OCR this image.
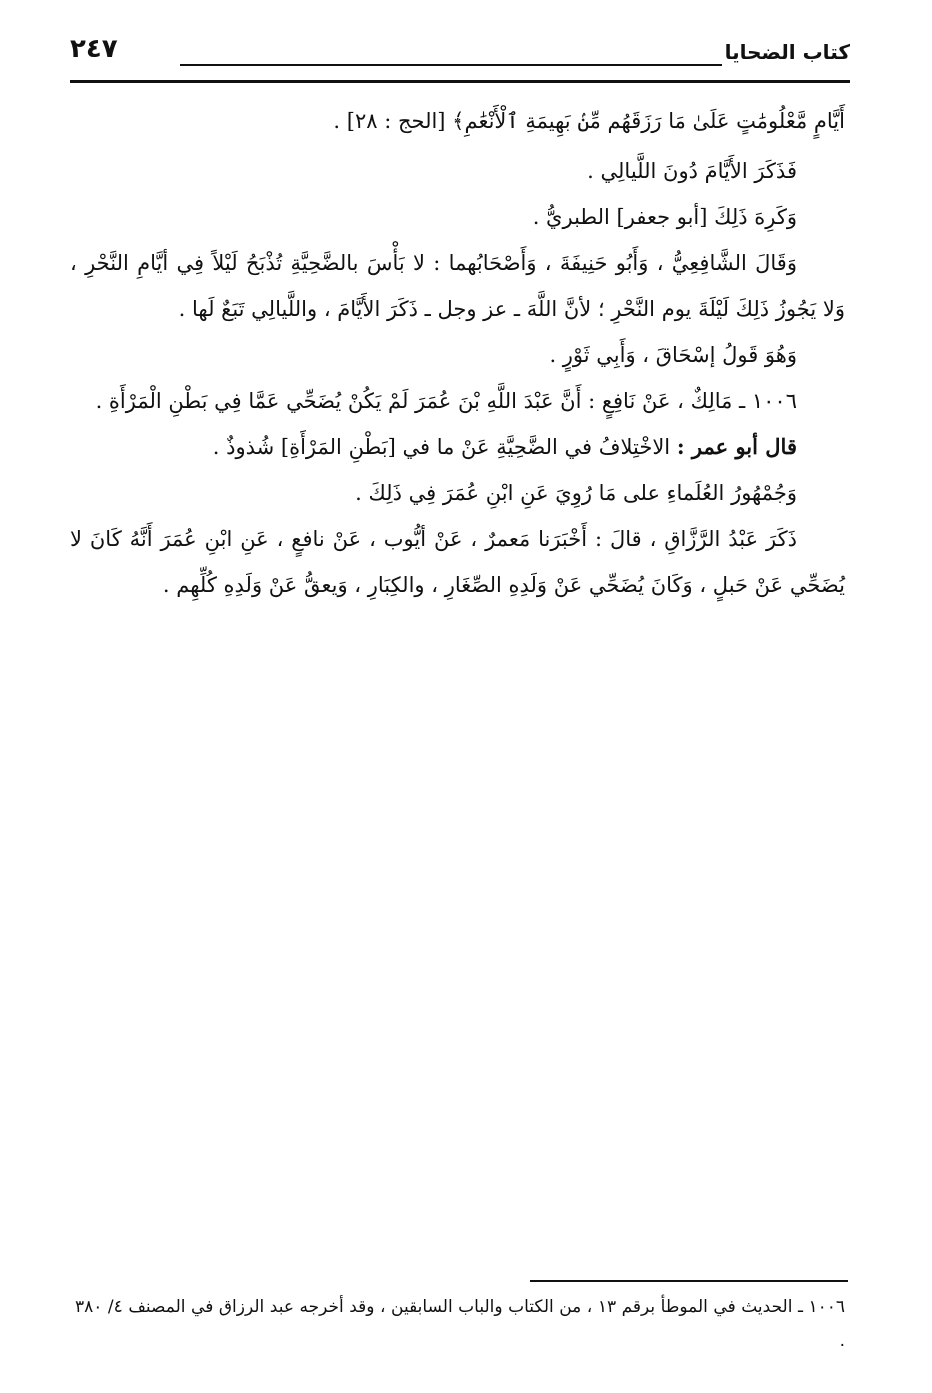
كتاب الضحايا
٢٤٧

أَيَّامٍ مَّعْلُومَٰتٍ عَلَىٰ مَا رَزَقَهُم مِّنۢ بَهِيمَةِ ٱلْأَنْعَٰمِ﴾ [الحج : ٢٨] .

فَذَكَرَ الأَيَّامَ دُونَ اللَّيالِي .

وَكَرِهَ ذَلِكَ [أبو جعفر] الطبريُّ .

وَقَالَ الشَّافِعِيُّ ، وَأَبُو حَنِيفَةَ ، وَأَصْحَابُهما : لا بَأْسَ بالضَّحِيَّةِ تُذْبَحُ لَيْلاً فِي أيَّامِ النَّحْرِ ، وَلا يَجُوزُ ذَلِكَ لَيْلَةَ يوم النَّحْرِ ؛ لأنَّ اللَّهَ ـ عز وجل ـ ذَكَرَ الأَيَّامَ ، واللَّيالِي تَبَعٌ لَها .

وَهُوَ قَولُ إسْحَاقَ ، وَأَبِي ثَوْرٍ .

١٠٠٦ ـ مَالِكٌ ، عَنْ نَافِعٍ : أَنَّ عَبْدَ اللَّهِ بْنَ عُمَرَ لَمْ يَكُنْ يُضَحِّي عَمَّا فِي بَطْنِ الْمَرْأَةِ .

قال أبو عمر : الاخْتِلافُ في الضَّحِيَّةِ عَنْ ما في [بَطْنِ المَرْأَةِ] شُذوذٌ .

وَجُمْهُورُ العُلَماءِ على مَا رُوِيَ عَنِ ابْنِ عُمَرَ فِي ذَلِكَ .

ذَكَرَ عَبْدُ الرَّزَّاقِ ، قالَ : أَخْبَرَنا مَعمرٌ ، عَنْ أيُّوب ، عَنْ نافعٍ ، عَنِ ابْنِ عُمَرَ أَنَّهُ كَانَ لا يُضَحِّي عَنْ حَبلٍ ، وَكَانَ يُضَحِّي عَنْ وَلَدِهِ الصِّغَارِ ، والكِبَارِ ، وَيعقُّ عَنْ وَلَدِهِ كُلِّهِم .

١٠٠٦ ـ الحديث في الموطأ برقم ١٣ ، من الكتاب والباب السابقين ، وقد أخرجه عبد الرزاق في المصنف ٤/ ٣٨٠ .
